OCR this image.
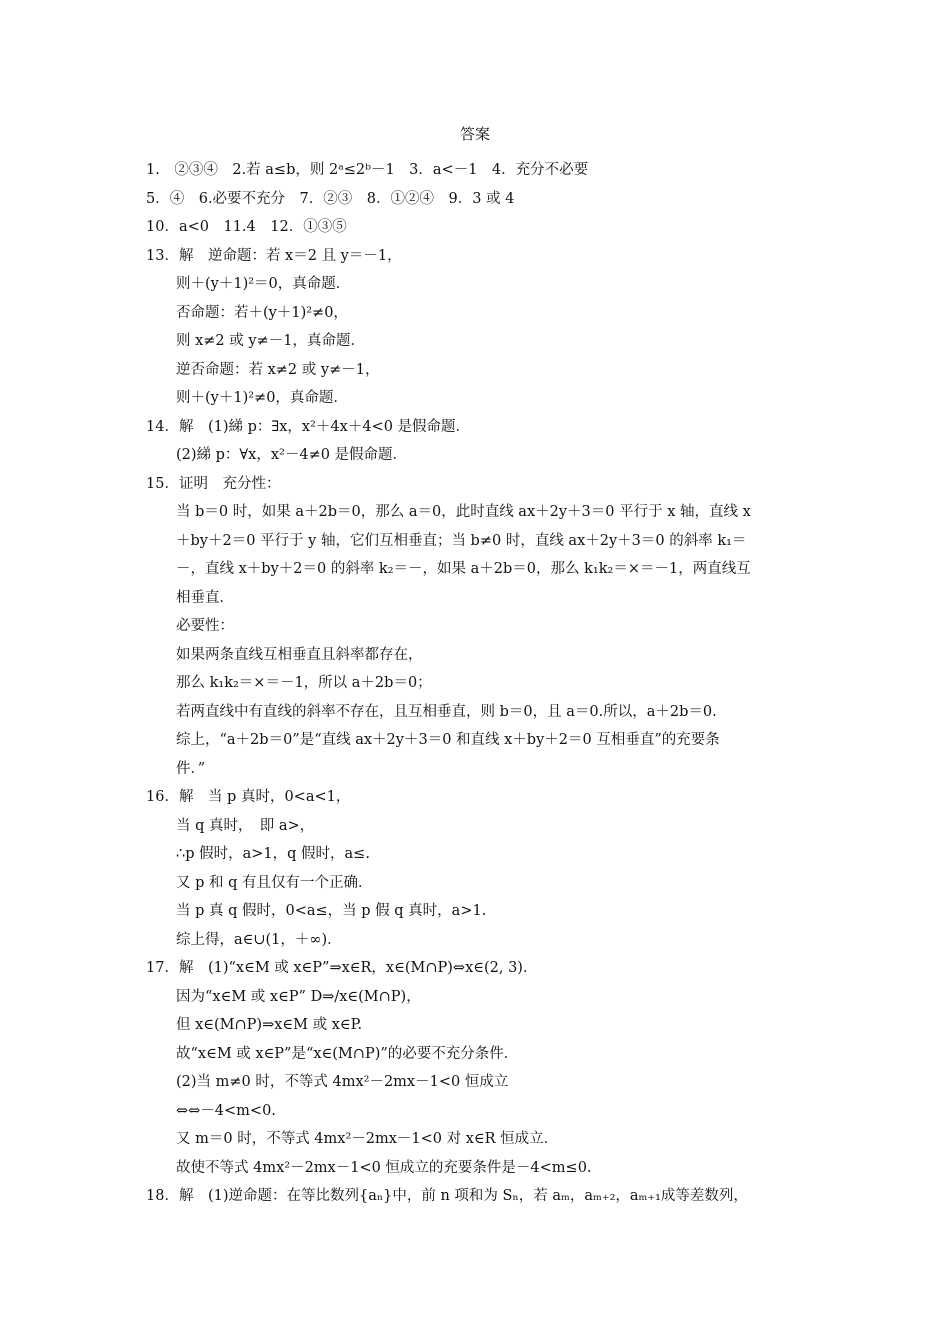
答案
1.　②③④　2.若 a≤b，则 2ᵃ≤2ᵇ－1　3．a<－1　4．充分不必要
5．④　6.必要不充分　7．②③　8．①②④　9．3 或 4
10．a<0　11.4　12．①③⑤
13．解　逆命题：若 x＝2 且 y＝－1，
则＋(y＋1)²＝0，真命题．
否命题：若＋(y＋1)²≠0，
则 x≠2 或 y≠－1，真命题．
逆否命题：若 x≠2 或 y≠－1，
则＋(y＋1)²≠0，真命题．
14．解　(1)綈 p：∃x，x²＋4x＋4<0 是假命题．
(2)綈 p：∀x，x²－4≠0 是假命题．
15．证明　充分性：
当 b＝0 时，如果 a＋2b＝0，那么 a＝0，此时直线 ax＋2y＋3＝0 平行于 x 轴，直线 x
＋by＋2＝0 平行于 y 轴，它们互相垂直；当 b≠0 时，直线 ax＋2y＋3＝0 的斜率 k₁＝
－，直线 x＋by＋2＝0 的斜率 k₂＝－，如果 a＋2b＝0，那么 k₁k₂＝×＝－1，两直线互
相垂直．
必要性：
如果两条直线互相垂直且斜率都存在，
那么 k₁k₂＝×＝－1，所以 a＋2b＝0；
若两直线中有直线的斜率不存在，且互相垂直，则 b＝0，且 a＝0.所以，a＋2b＝0.
综上，“a＋2b＝0”是“直线 ax＋2y＋3＝0 和直线 x＋by＋2＝0 互相垂直”的充要条
件．”
16．解　当 p 真时，0<a<1，
当 q 真时，　即 a>，
∴p 假时，a>1，q 假时，a≤.
又 p 和 q 有且仅有一个正确．
当 p 真 q 假时，0<a≤，当 p 假 q 真时，a>1.
综上得，a∈∪(1，＋∞)．
17．解　(1)“x∈M 或 x∈P”⇒x∈R，x∈(M∩P)⇔x∈(2, 3)．
因为“x∈M 或 x∈P” D⇒/x∈(M∩P)，
但 x∈(M∩P)⇒x∈M 或 x∈P.
故“x∈M 或 x∈P”是“x∈(M∩P)”的必要不充分条件．
(2)当 m≠0 时，不等式 4mx²－2mx－1<0 恒成立
⇔⇔－4<m<0.
又 m＝0 时，不等式 4mx²－2mx－1<0 对 x∈R 恒成立．
故使不等式 4mx²－2mx－1<0 恒成立的充要条件是－4<m≤0.
18．解　(1)逆命题：在等比数列{aₙ}中，前 n 项和为 Sₙ，若 aₘ，aₘ₊₂，aₘ₊₁成等差数列，
